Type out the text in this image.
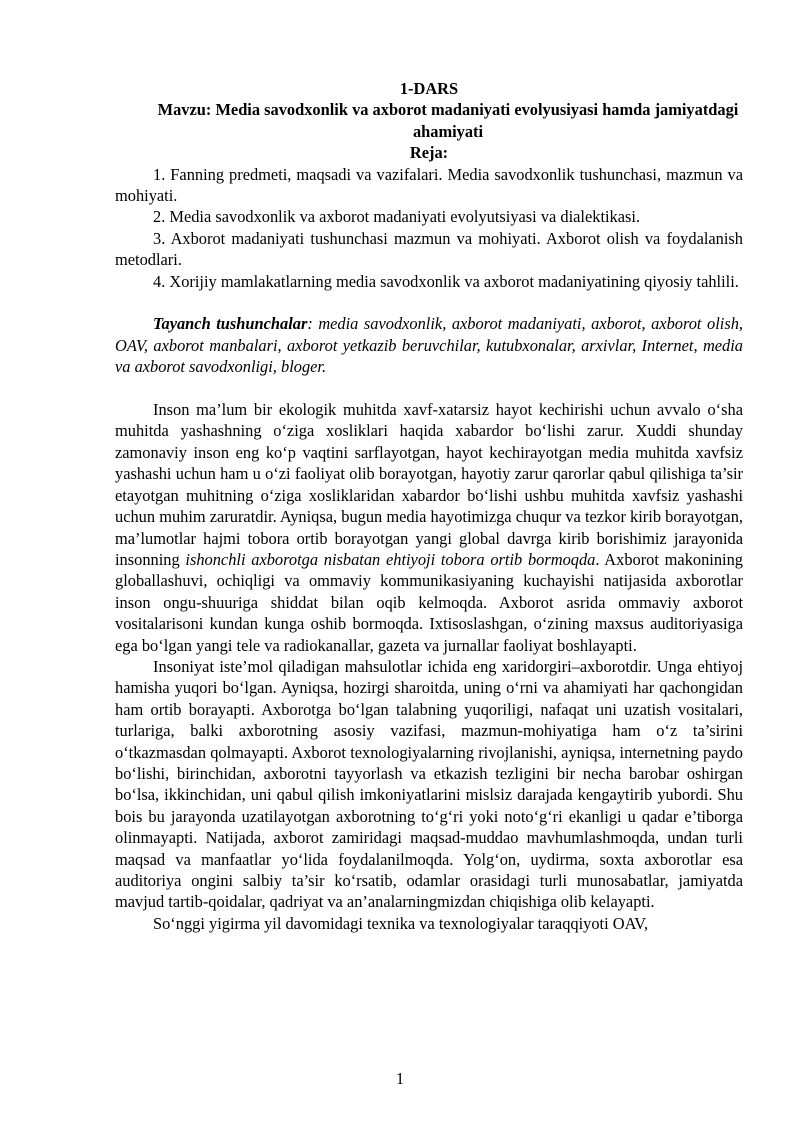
1-DARS
Mavzu: Media savodxonlik va axborot madaniyati evolyusiyasi hamda jamiyatdagi ahamiyati
Reja:

1. Fanning predmeti, maqsadi va vazifalari. Media savodxonlik tushunchasi, mazmun va mohiyati.

2. Media savodxonlik va axborot madaniyati evolyutsiyasi va dialektikasi.

3. Axborot madaniyati tushunchasi mazmun va mohiyati. Axborot olish va foydalanish metodlari.

4. Xorijiy mamlakatlarning media savodxonlik va axborot madaniyatining qiyosiy tahlili.

Tayanch tushunchalar: media savodxonlik, axborot madaniyati, axborot, axborot olish, OAV, axborot manbalari, axborot yetkazib beruvchilar, kutubxonalar, arxivlar, Internet, media va axborot savodxonligi, bloger.

Inson ma’lum bir ekologik muhitda xavf-xatarsiz hayot kechirishi uchun avvalo o‘sha muhitda yashashning o‘ziga xosliklari haqida xabardor bo‘lishi zarur. Xuddi shunday zamonaviy inson eng ko‘p vaqtini sarflayotgan, hayot kechirayotgan media muhitda xavfsiz yashashi uchun ham u o‘zi faoliyat olib borayotgan, hayotiy zarur qarorlar qabul qilishiga ta’sir etayotgan muhitning o‘ziga xosliklaridan xabardor bo‘lishi ushbu muhitda xavfsiz yashashi uchun muhim zaruratdir. Ayniqsa, bugun media hayotimizga chuqur va tezkor kirib borayotgan, ma’lumotlar hajmi tobora ortib borayotgan yangi global davrga kirib borishimiz jarayonida insonning ishonchli axborotga nisbatan ehtiyoji tobora ortib bormoqda. Axborot makonining globallashuvi, ochiqligi va ommaviy kommunikasiyaning kuchayishi natijasida axborotlar inson ongu-shuuriga shiddat bilan oqib kelmoqda. Axborot asrida ommaviy axborot vositalarisoni kundan kunga oshib bormoqda. Ixtisoslashgan, o‘zining maxsus auditoriyasiga ega bo‘lgan yangi tele va radiokanallar, gazeta va jurnallar faoliyat boshlayapti.

Insoniyat iste’mol qiladigan mahsulotlar ichida eng xaridorgiri–axborotdir. Unga ehtiyoj hamisha yuqori bo‘lgan. Ayniqsa, hozirgi sharoitda, uning o‘rni va ahamiyati har qachongidan ham ortib borayapti. Axborotga bo‘lgan talabning yuqoriligi, nafaqat uni uzatish vositalari, turlariga, balki axborotning asosiy vazifasi, mazmun-mohiyatiga ham o‘z ta’sirini o‘tkazmasdan qolmayapti. Axborot texnologiyalarning rivojlanishi, ayniqsa, internetning paydo bo‘lishi, birinchidan, axborotni tayyorlash va etkazish tezligini bir necha barobar oshirgan bo‘lsa, ikkinchidan, uni qabul qilish imkoniyatlarini mislsiz darajada kengaytirib yubordi. Shu bois bu jarayonda uzatilayotgan axborotning to‘g‘ri yoki noto‘g‘ri ekanligi u qadar e’tiborga olinmayapti. Natijada, axborot zamiridagi maqsad-muddao mavhumlashmoqda, undan turli maqsad va manfaatlar yo‘lida foydalanilmoqda. Yolg‘on, uydirma, soxta axborotlar esa auditoriya ongini salbiy ta’sir ko‘rsatib, odamlar orasidagi turli munosabatlar, jamiyatda mavjud tartib-qoidalar, qadriyat va an’analarningmizdan chiqishiga olib kelayapti.

So‘nggi yigirma yil davomidagi texnika va texnologiyalar taraqqiyoti OAV,

1
